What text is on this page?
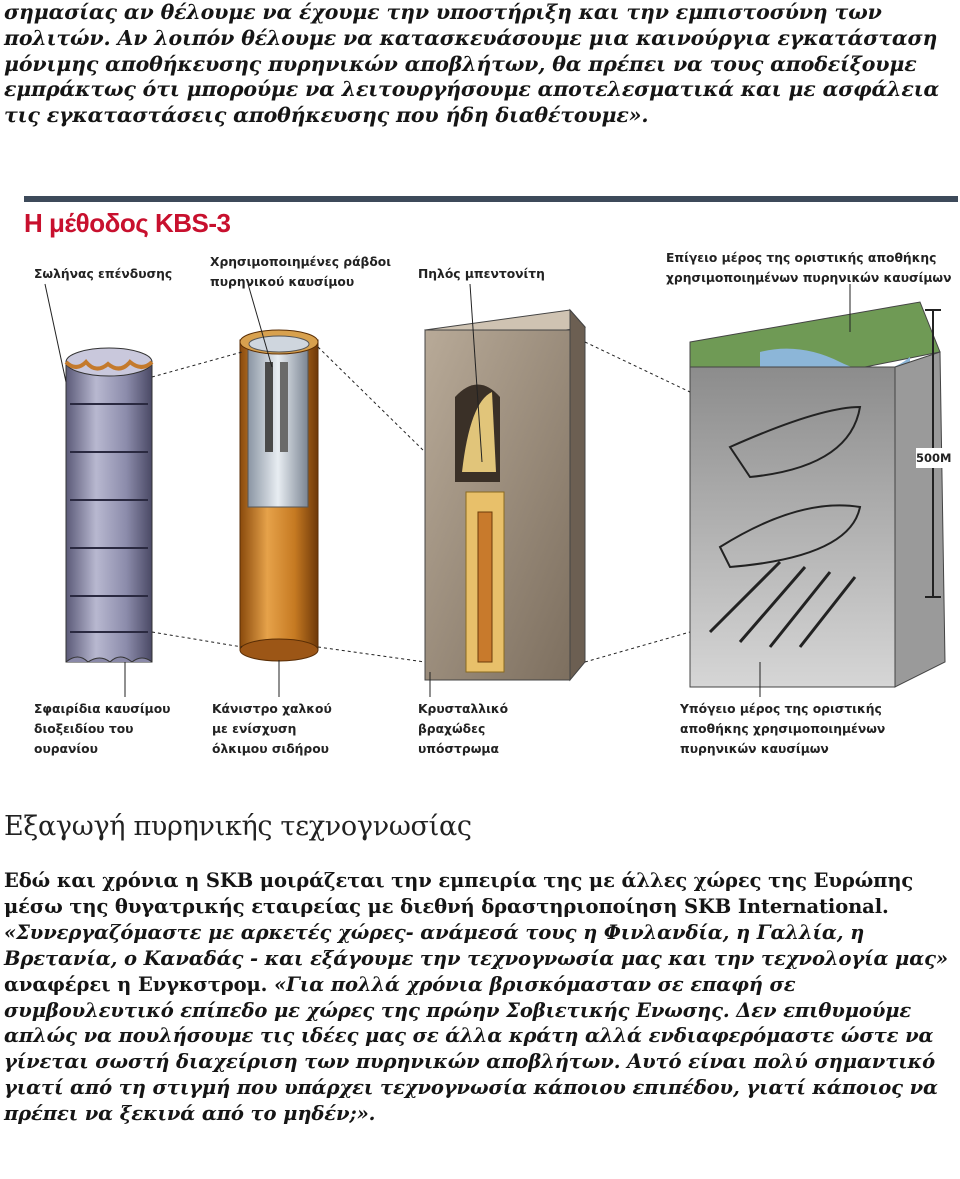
σημασίας αν θέλουμε να έχουμε την υποστήριξη και την εμπιστοσύνη των πολιτών. Αν λοιπόν θέλουμε να κατασκευάσουμε μια καινούργια εγκατάσταση μόνιμης αποθήκευσης πυρηνικών αποβλήτων, θα πρέπει να τους αποδείξουμε εμπράκτως ότι μπορούμε να λειτουργήσουμε αποτελεσματικά και με ασφάλεια τις εγκαταστάσεις αποθήκευσης που ήδη διαθέτουμε».

Η μέθοδος KBS-3
Σωλήνας επένδυσης
Χρησιμοποιημένες ράβδοι
πυρηνικού καυσίμου
Πηλός μπεντονίτη
Επίγειο μέρος της οριστικής αποθήκης
χρησιμοποιημένων πυρηνικών καυσίμων
500Μ
Σφαιρίδια καυσίμου
διοξειδίου του
ουρανίου
Κάνιστρο χαλκού
με ενίσχυση
όλκιμου σιδήρου
Κρυσταλλικό
βραχώδες
υπόστρωμα
Υπόγειο μέρος της οριστικής
αποθήκης χρησιμοποιημένων
πυρηνικών καυσίμων
Εξαγωγή πυρηνικής τεχνογνωσίας

Εδώ και χρόνια η SKB μοιράζεται την εμπειρία της με άλλες χώρες της Ευρώπης μέσω της θυγατρικής εταιρείας με διεθνή δραστηριοποίηση SKB International. «Συνεργαζόμαστε με αρκετές χώρες- ανάμεσά τους η Φινλανδία, η Γαλλία, η Βρετανία, ο Καναδάς - και εξάγουμε την τεχνογνωσία μας και την τεχνολογία μας» αναφέρει η Ενγκστρομ. «Για πολλά χρόνια βρισκόμασταν σε επαφή σε συμβουλευτικό επίπεδο με χώρες της πρώην Σοβιετικής Ενωσης. Δεν επιθυμούμε απλώς να πουλήσουμε τις ιδέες μας σε άλλα κράτη αλλά ενδιαφερόμαστε ώστε να γίνεται σωστή διαχείριση των πυρηνικών αποβλήτων. Αυτό είναι πολύ σημαντικό γιατί από τη στιγμή που υπάρχει τεχνογνωσία κάποιου επιπέδου, γιατί κάποιος να πρέπει να ξεκινά από το μηδέν;».
